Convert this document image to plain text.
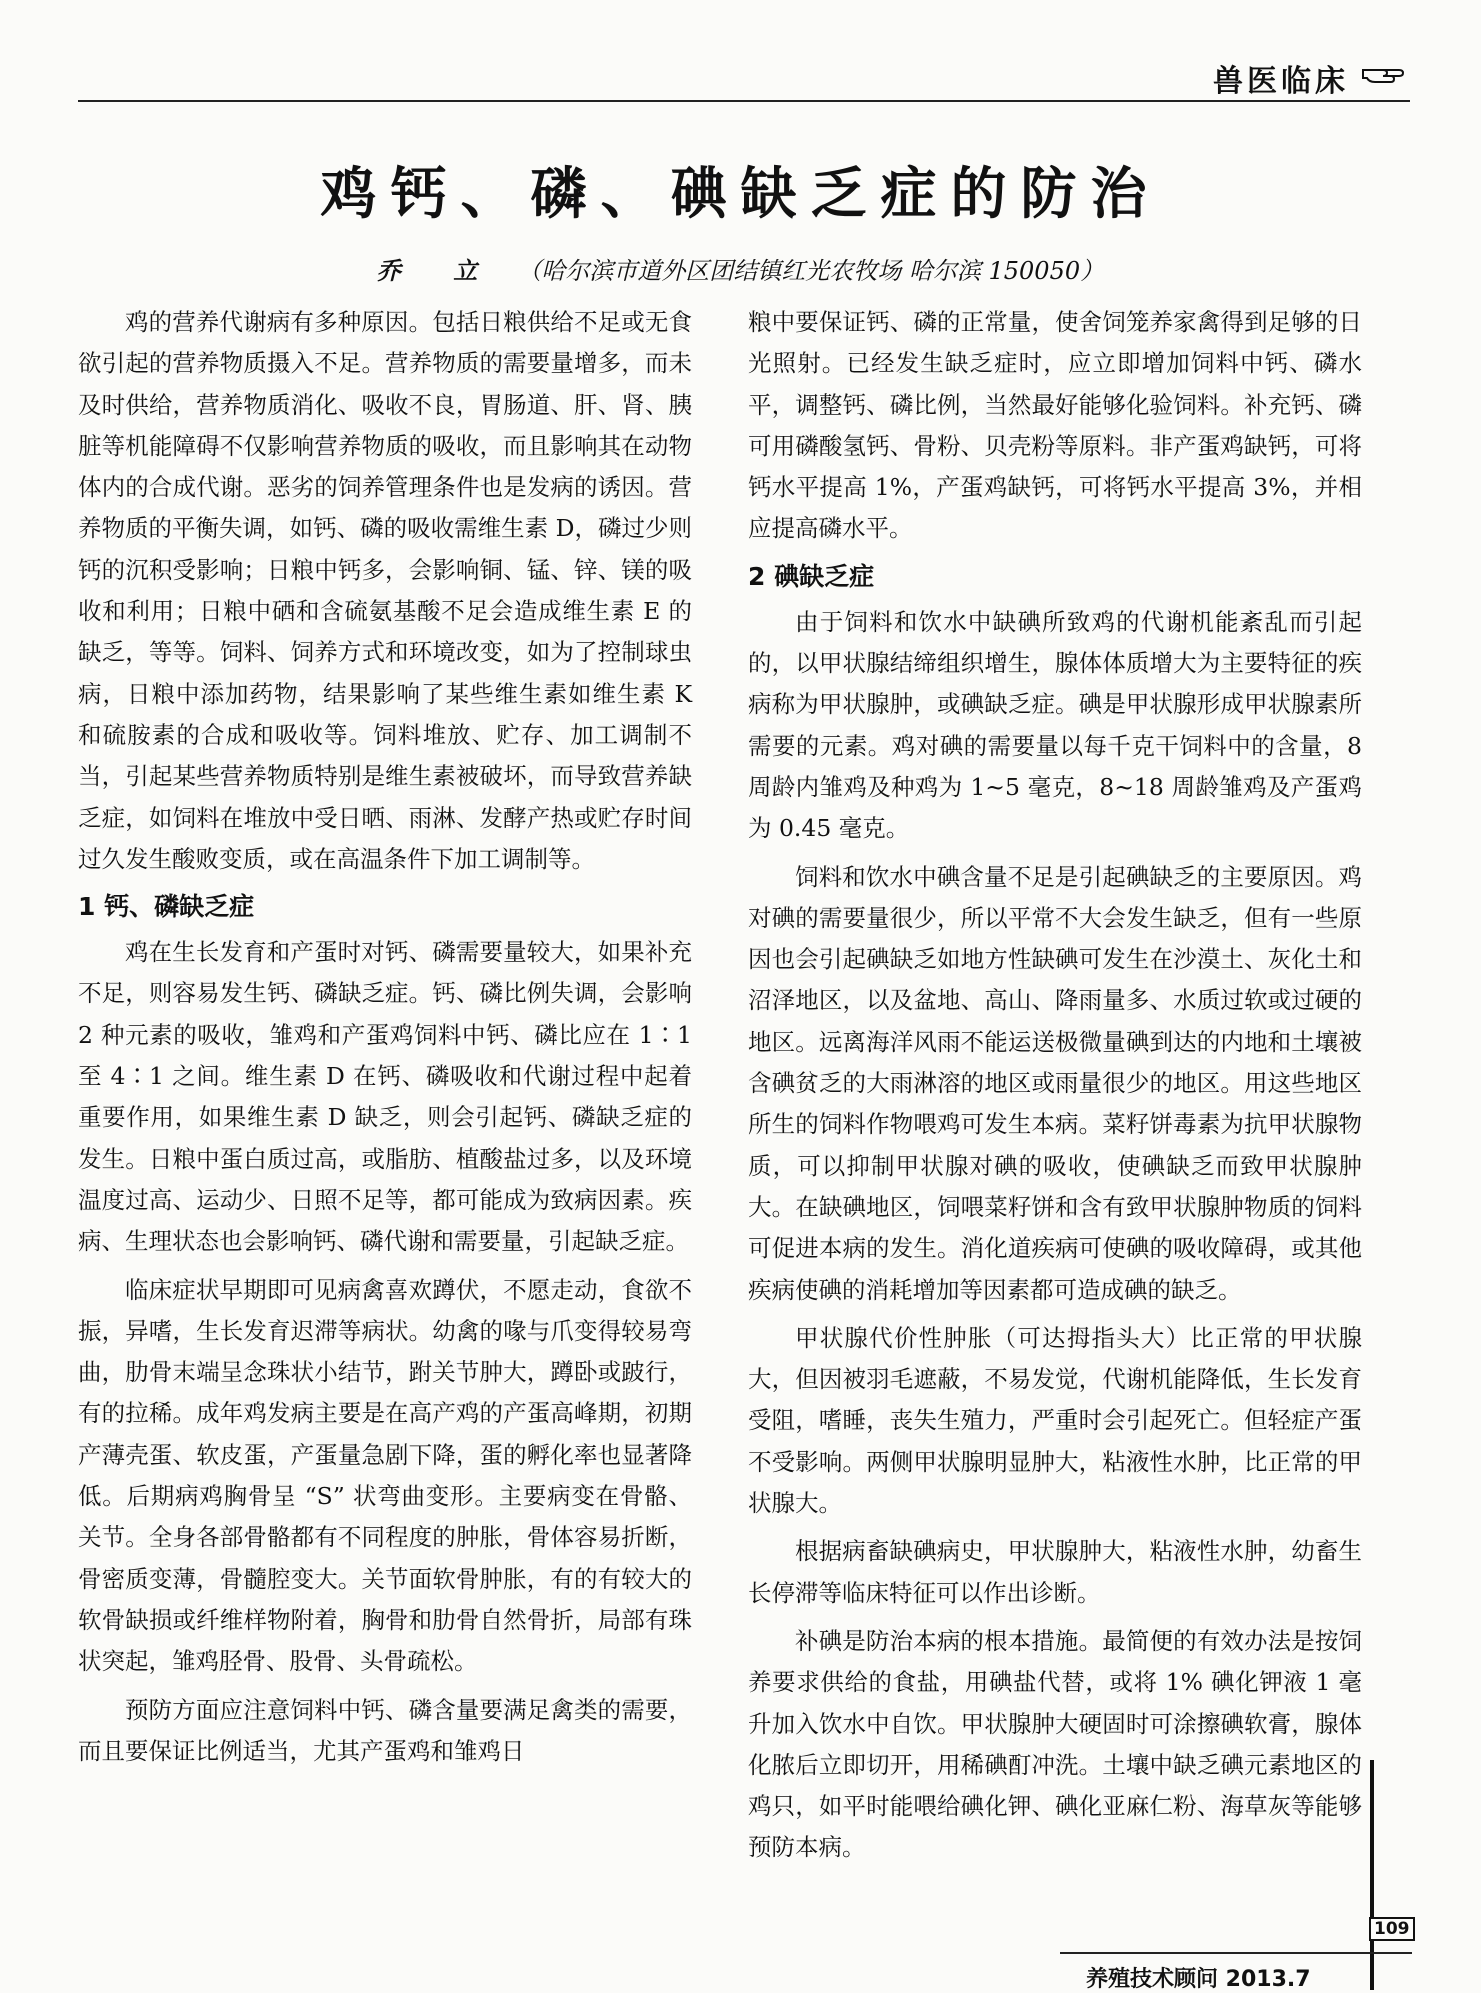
兽医临床
鸡钙、磷、碘缺乏症的防治
乔 立 （哈尔滨市道外区团结镇红光农牧场 哈尔滨 150050）

鸡的营养代谢病有多种原因。包括日粮供给不足或无食欲引起的营养物质摄入不足。营养物质的需要量增多，而未及时供给，营养物质消化、吸收不良，胃肠道、肝、肾、胰脏等机能障碍不仅影响营养物质的吸收，而且影响其在动物体内的合成代谢。恶劣的饲养管理条件也是发病的诱因。营养物质的平衡失调，如钙、磷的吸收需维生素 D，磷过少则钙的沉积受影响；日粮中钙多，会影响铜、锰、锌、镁的吸收和利用；日粮中硒和含硫氨基酸不足会造成维生素 E 的缺乏，等等。饲料、饲养方式和环境改变，如为了控制球虫病，日粮中添加药物，结果影响了某些维生素如维生素 K 和硫胺素的合成和吸收等。饲料堆放、贮存、加工调制不当，引起某些营养物质特别是维生素被破坏，而导致营养缺乏症，如饲料在堆放中受日晒、雨淋、发酵产热或贮存时间过久发生酸败变质，或在高温条件下加工调制等。

1 钙、磷缺乏症

鸡在生长发育和产蛋时对钙、磷需要量较大，如果补充不足，则容易发生钙、磷缺乏症。钙、磷比例失调，会影响 2 种元素的吸收，雏鸡和产蛋鸡饲料中钙、磷比应在 1∶1 至 4∶1 之间。维生素 D 在钙、磷吸收和代谢过程中起着重要作用，如果维生素 D 缺乏，则会引起钙、磷缺乏症的发生。日粮中蛋白质过高，或脂肪、植酸盐过多，以及环境温度过高、运动少、日照不足等，都可能成为致病因素。疾病、生理状态也会影响钙、磷代谢和需要量，引起缺乏症。

临床症状早期即可见病禽喜欢蹲伏，不愿走动，食欲不振，异嗜，生长发育迟滞等病状。幼禽的喙与爪变得较易弯曲，肋骨末端呈念珠状小结节，跗关节肿大，蹲卧或跛行，有的拉稀。成年鸡发病主要是在高产鸡的产蛋高峰期，初期产薄壳蛋、软皮蛋，产蛋量急剧下降，蛋的孵化率也显著降低。后期病鸡胸骨呈 “S” 状弯曲变形。主要病变在骨骼、关节。全身各部骨骼都有不同程度的肿胀，骨体容易折断，骨密质变薄，骨髓腔变大。关节面软骨肿胀，有的有较大的软骨缺损或纤维样物附着，胸骨和肋骨自然骨折，局部有珠状突起，雏鸡胫骨、股骨、头骨疏松。

预防方面应注意饲料中钙、磷含量要满足禽类的需要，而且要保证比例适当，尤其产蛋鸡和雏鸡日

粮中要保证钙、磷的正常量，使舍饲笼养家禽得到足够的日光照射。已经发生缺乏症时，应立即增加饲料中钙、磷水平，调整钙、磷比例，当然最好能够化验饲料。补充钙、磷可用磷酸氢钙、骨粉、贝壳粉等原料。非产蛋鸡缺钙，可将钙水平提高 1%，产蛋鸡缺钙，可将钙水平提高 3%，并相应提高磷水平。

2 碘缺乏症

由于饲料和饮水中缺碘所致鸡的代谢机能紊乱而引起的，以甲状腺结缔组织增生，腺体体质增大为主要特征的疾病称为甲状腺肿，或碘缺乏症。碘是甲状腺形成甲状腺素所需要的元素。鸡对碘的需要量以每千克干饲料中的含量，8 周龄内雏鸡及种鸡为 1~5 毫克，8~18 周龄雏鸡及产蛋鸡为 0.45 毫克。

饲料和饮水中碘含量不足是引起碘缺乏的主要原因。鸡对碘的需要量很少，所以平常不大会发生缺乏，但有一些原因也会引起碘缺乏如地方性缺碘可发生在沙漠土、灰化土和沼泽地区，以及盆地、高山、降雨量多、水质过软或过硬的地区。远离海洋风雨不能运送极微量碘到达的内地和土壤被含碘贫乏的大雨淋溶的地区或雨量很少的地区。用这些地区所生的饲料作物喂鸡可发生本病。菜籽饼毒素为抗甲状腺物质，可以抑制甲状腺对碘的吸收，使碘缺乏而致甲状腺肿大。在缺碘地区，饲喂菜籽饼和含有致甲状腺肿物质的饲料可促进本病的发生。消化道疾病可使碘的吸收障碍，或其他疾病使碘的消耗增加等因素都可造成碘的缺乏。

甲状腺代价性肿胀（可达拇指头大）比正常的甲状腺大，但因被羽毛遮蔽，不易发觉，代谢机能降低，生长发育受阻，嗜睡，丧失生殖力，严重时会引起死亡。但轻症产蛋不受影响。两侧甲状腺明显肿大，粘液性水肿，比正常的甲状腺大。

根据病畜缺碘病史，甲状腺肿大，粘液性水肿，幼畜生长停滞等临床特征可以作出诊断。

补碘是防治本病的根本措施。最简便的有效办法是按饲养要求供给的食盐，用碘盐代替，或将 1% 碘化钾液 1 毫升加入饮水中自饮。甲状腺肿大硬固时可涂擦碘软膏，腺体化脓后立即切开，用稀碘酊冲洗。土壤中缺乏碘元素地区的鸡只，如平时能喂给碘化钾、碘化亚麻仁粉、海草灰等能够预防本病。

109
养殖技术顾问 2013.7
